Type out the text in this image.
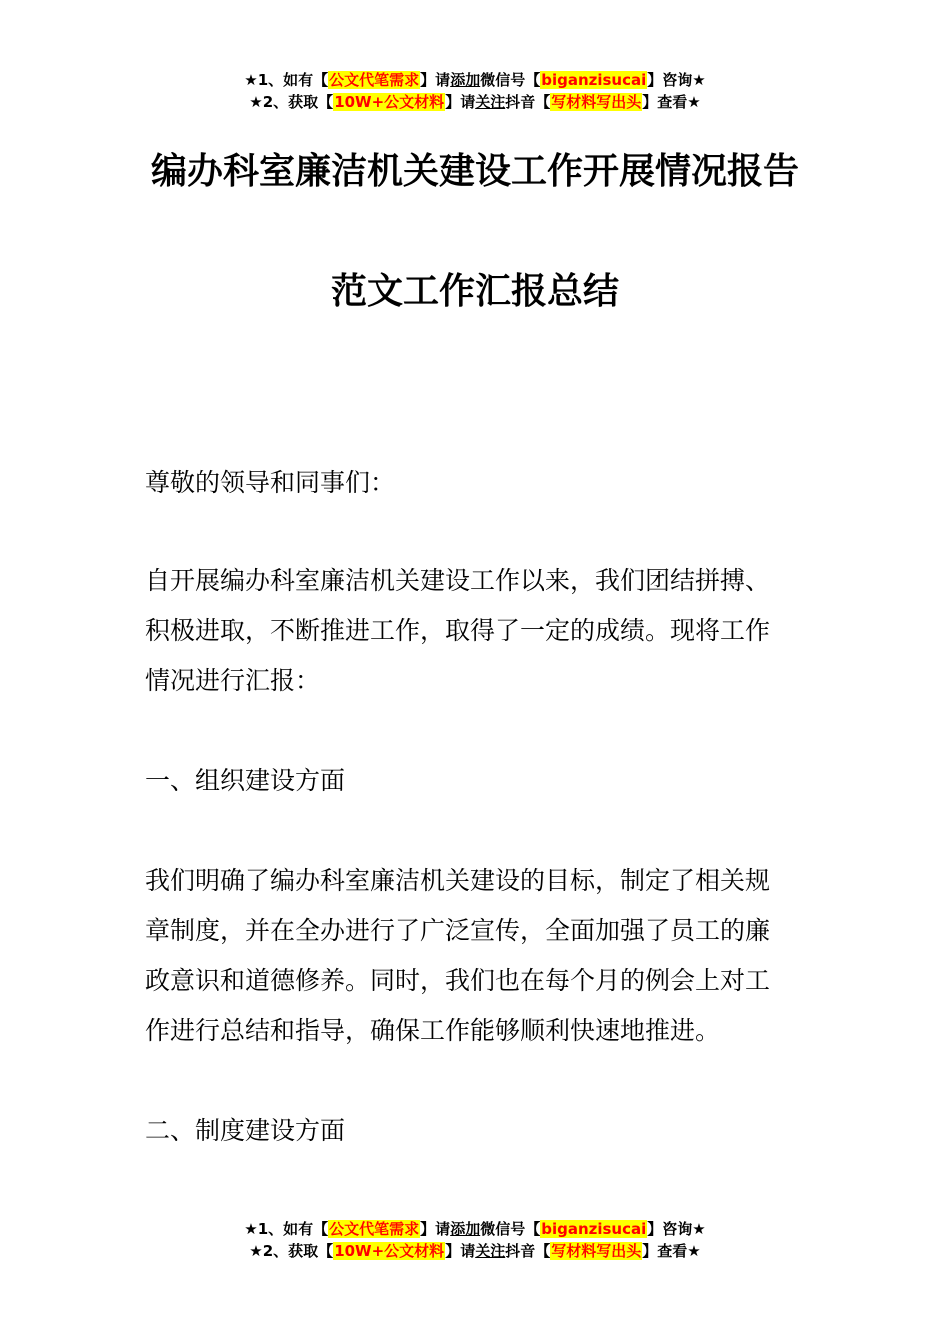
★1、如有【公文代笔需求】请添加微信号【biganzisucai】咨询★
★2、获取【10W+公文材料】请关注抖音【写材料写出头】查看★
编办科室廉洁机关建设工作开展情况报告
范文工作汇报总结

尊敬的领导和同事们：

自开展编办科室廉洁机关建设工作以来，我们团结拼搏、

积极进取，不断推进工作，取得了一定的成绩。现将工作

情况进行汇报：

一、组织建设方面

我们明确了编办科室廉洁机关建设的目标，制定了相关规

章制度，并在全办进行了广泛宣传，全面加强了员工的廉

政意识和道德修养。同时，我们也在每个月的例会上对工

作进行总结和指导，确保工作能够顺利快速地推进。

二、制度建设方面

★1、如有【公文代笔需求】请添加微信号【biganzisucai】咨询★
★2、获取【10W+公文材料】请关注抖音【写材料写出头】查看★
